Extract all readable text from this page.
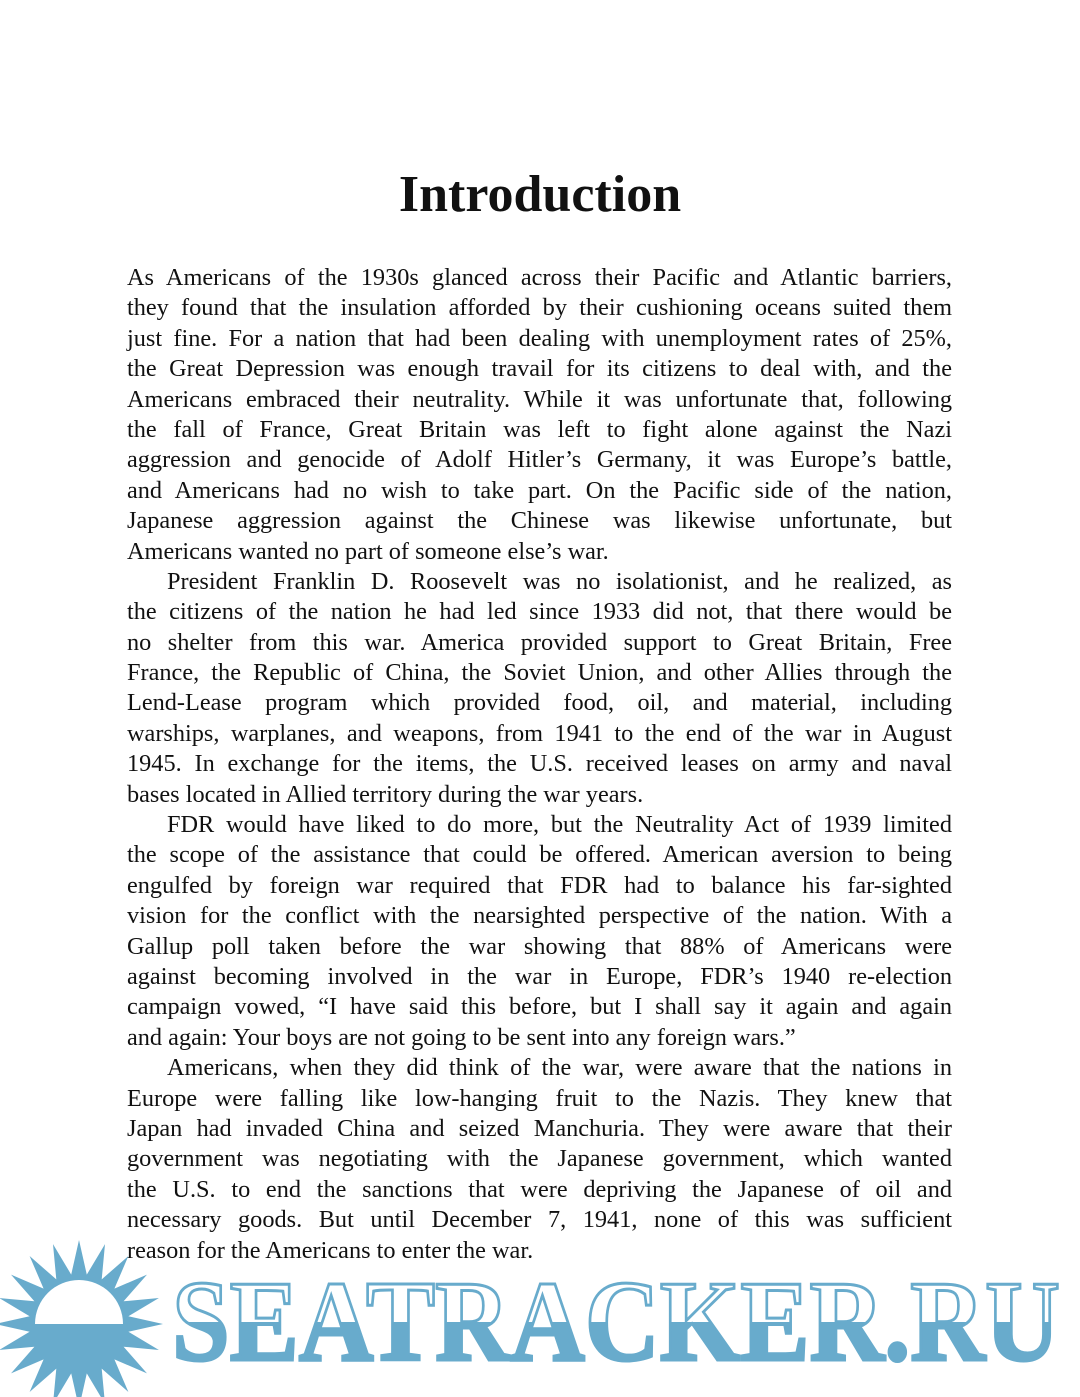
Introduction
As Americans of the 1930s glanced across their Pacific and Atlantic barriers,
they found that the insulation afforded by their cushioning oceans suited them
just fine. For a nation that had been dealing with unemployment rates of 25%,
the Great Depression was enough travail for its citizens to deal with, and the
Americans embraced their neutrality. While it was unfortunate that, following
the fall of France, Great Britain was left to fight alone against the Nazi
aggression and genocide of Adolf Hitler’s Germany, it was Europe’s battle,
and Americans had no wish to take part. On the Pacific side of the nation,
Japanese aggression against the Chinese was likewise unfortunate, but
Americans wanted no part of someone else’s war.
President Franklin D. Roosevelt was no isolationist, and he realized, as
the citizens of the nation he had led since 1933 did not, that there would be
no shelter from this war. America provided support to Great Britain, Free
France, the Republic of China, the Soviet Union, and other Allies through the
Lend-Lease program which provided food, oil, and material, including
warships, warplanes, and weapons, from 1941 to the end of the war in August
1945. In exchange for the items, the U.S. received leases on army and naval
bases located in Allied territory during the war years.
FDR would have liked to do more, but the Neutrality Act of 1939 limited
the scope of the assistance that could be offered. American aversion to being
engulfed by foreign war required that FDR had to balance his far-sighted
vision for the conflict with the nearsighted perspective of the nation. With a
Gallup poll taken before the war showing that 88% of Americans were
against becoming involved in the war in Europe, FDR’s 1940 re-election
campaign vowed, “I have said this before, but I shall say it again and again
and again: Your boys are not going to be sent into any foreign wars.”
Americans, when they did think of the war, were aware that the nations in
Europe were falling like low-hanging fruit to the Nazis. They knew that
Japan had invaded China and seized Manchuria. They were aware that their
government was negotiating with the Japanese government, which wanted
the U.S. to end the sanctions that were depriving the Japanese of oil and
necessary goods. But until December 7, 1941, none of this was sufficient
reason for the Americans to enter the war.
SEATRACKER.RU
